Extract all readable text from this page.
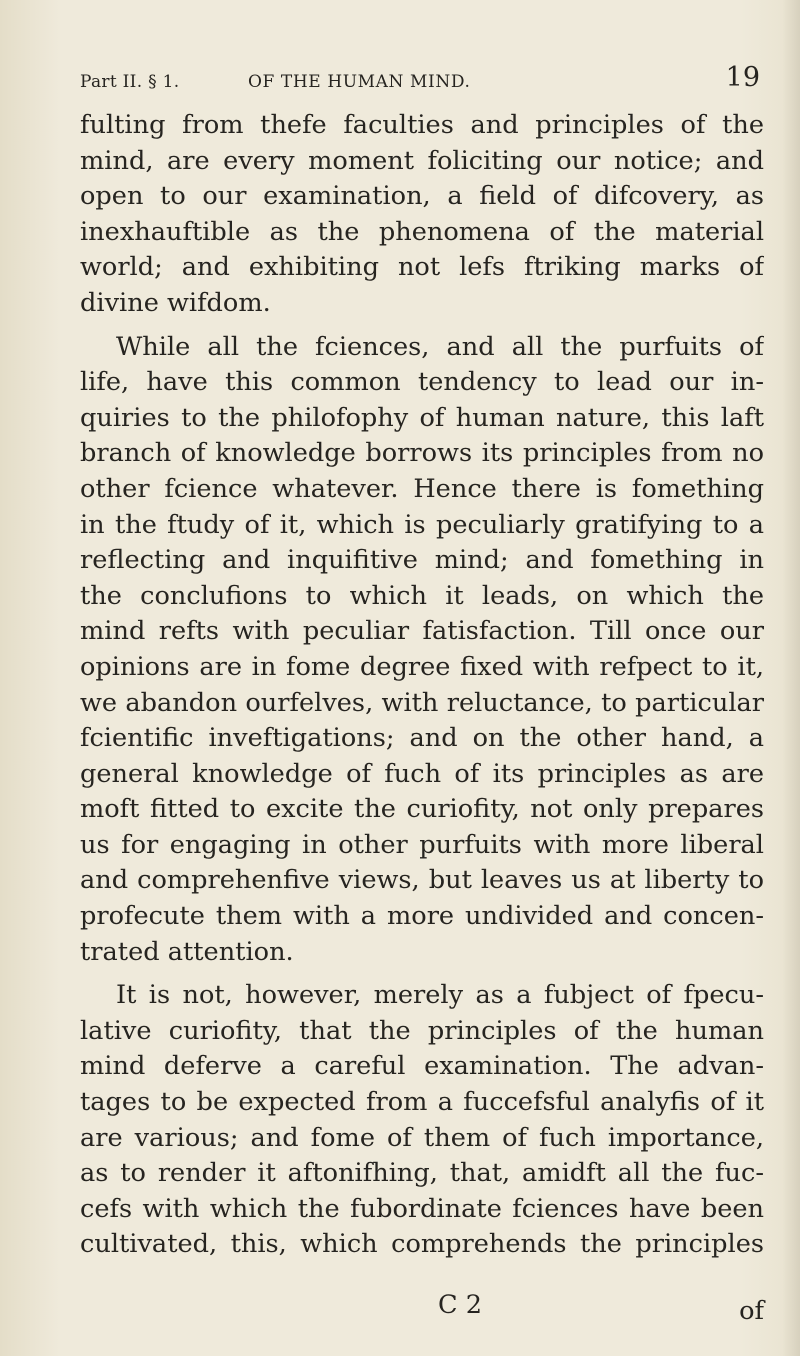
Part II. § 1.	OF THE HUMAN MIND.	19
fulting from thefe faculties and principles of the
mind, are every moment foliciting our notice; and
open to our examination, a field of difcovery, as
inexhauftible as the phenomena of the material
world; and exhibiting not lefs ftriking marks of
divine wifdom.
While all the fciences, and all the purfuits of
life, have this common tendency to lead our in-
quiries to the philofophy of human nature, this laft
branch of knowledge borrows its principles from no
other fcience whatever. Hence there is fomething
in the ftudy of it, which is peculiarly gratifying to a
reflecting and inquifitive mind; and fomething in
the conclufions to which it leads, on which the
mind refts with peculiar fatisfaction. Till once our
opinions are in fome degree fixed with refpect to it,
we abandon ourfelves, with reluctance, to particular
fcientific inveftigations; and on the other hand, a
general knowledge of fuch of its principles as are
moft fitted to excite the curiofity, not only prepares
us for engaging in other purfuits with more liberal
and comprehenfive views, but leaves us at liberty to
profecute them with a more undivided and concen-
trated attention.
It is not, however, merely as a fubject of fpecu-
lative curiofity, that the principles of the human
mind deferve a careful examination. The advan-
tages to be expected from a fuccefsful analyfis of it
are various; and fome of them of fuch importance,
as to render it aftonifhing, that, amidft all the fuc-
cefs with which the fubordinate fciences have been
cultivated, this, which comprehends the principles
C 2	of
